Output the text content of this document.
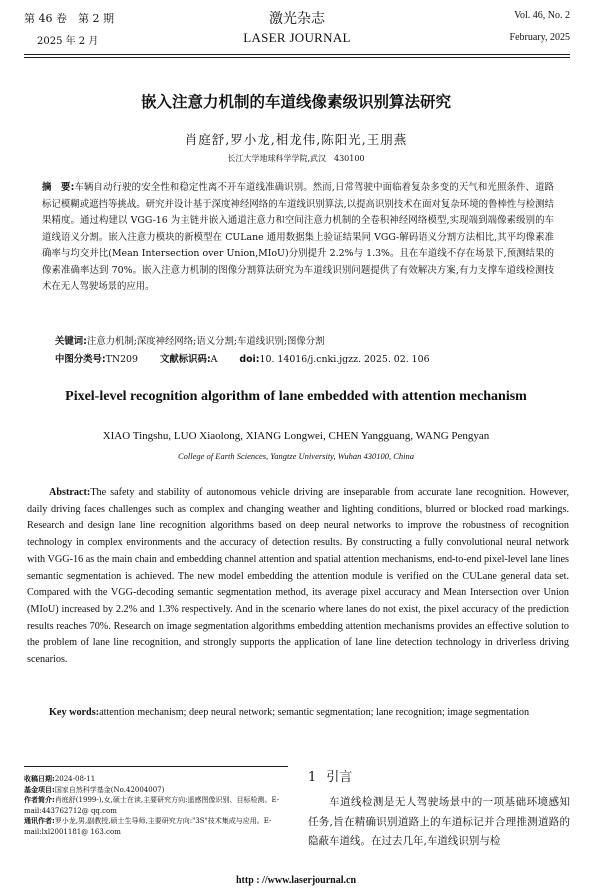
第 46 卷　第 2 期
2025 年 2 月
激光杂志
LASER JOURNAL
Vol. 46, No. 2
February, 2025
嵌入注意力机制的车道线像素级识别算法研究
肖庭舒,罗小龙,相龙伟,陈阳光,王朋燕
长江大学地球科学学院,武汉　430100
摘　要:车辆自动行驶的安全性和稳定性离不开车道线准确识别。然而,日常驾驶中面临着复杂多变的天气和光照条件、道路标记模糊或遮挡等挑战。研究并设计基于深度神经网络的车道线识别算法,以提高识别技术在面对复杂环境的鲁棒性与检测结果精度。通过构建以 VGG-16 为主链并嵌入通道注意力和空间注意力机制的全卷积神经网络模型,实现端到端像素级别的车道线语义分割。嵌入注意力模块的新模型在 CULane 通用数据集上验证结果同 VGG-解码语义分割方法相比,其平均像素准确率与均交并比(Mean Intersection over Union,MIoU)分别提升 2.2%与 1.3%。且在车道线不存在场景下,预测结果的像素准确率达到 70%。嵌入注意力机制的图像分割算法研究为车道线识别问题提供了有效解决方案,有力支撑车道线检测技术在无人驾驶场景的应用。
关键词:注意力机制;深度神经网络;语义分割;车道线识别;图像分割
中图分类号:TN209 文献标识码:A doi:10. 14016/j.cnki.jgzz. 2025. 02. 106
Pixel-level recognition algorithm of lane embedded with attention mechanism
XIAO Tingshu, LUO Xiaolong, XIANG Longwei, CHEN Yangguang, WANG Pengyan
College of Earth Sciences, Yangtze University, Wuhan 430100, China
Abstract:The safety and stability of autonomous vehicle driving are inseparable from accurate lane recognition. However, daily driving faces challenges such as complex and changing weather and lighting conditions, blurred or blocked road markings. Research and design lane line recognition algorithms based on deep neural networks to improve the robustness of recognition technology in complex environments and the accuracy of detection results. By constructing a fully convolutional neural network with VGG-16 as the main chain and embedding channel attention and spatial attention mechanisms, end-to-end pixel-level lane lines semantic segmentation is achieved. The new model embedding the attention module is verified on the CULane general data set. Compared with the VGG-decoding semantic segmentation method, its average pixel accuracy and Mean Intersection over Union (MIoU) increased by 2.2% and 1.3% respectively. And in the scenario where lanes do not exist, the pixel accuracy of the prediction results reaches 70%. Research on image segmentation algorithms embedding attention mechanisms provides an effective solution to the problem of lane line recognition, and strongly supports the application of lane line detection technology in driverless driving scenarios.
Key words:attention mechanism; deep neural network; semantic segmentation; lane recognition; image segmentation
收稿日期:2024-08-11
基金项目:国家自然科学基金(No.42004007)
作者简介:肖庭舒(1999-),女,硕士在读,主要研究方向:遥感图像识别、目标检测。E-mail:443762712@ qq.com
通讯作者:罗小龙,男,副教授,硕士生导师,主要研究方向:"3S"技术集成与应用。E-mail:lxl2001181@ 163.com
1 引言
车道线检测是无人驾驶场景中的一项基础环境感知任务,旨在精确识别道路上的车道标记并合理推测道路的隐蔽车道线。在过去几年,车道线识别与检
http : //www.laserjournal.cn
